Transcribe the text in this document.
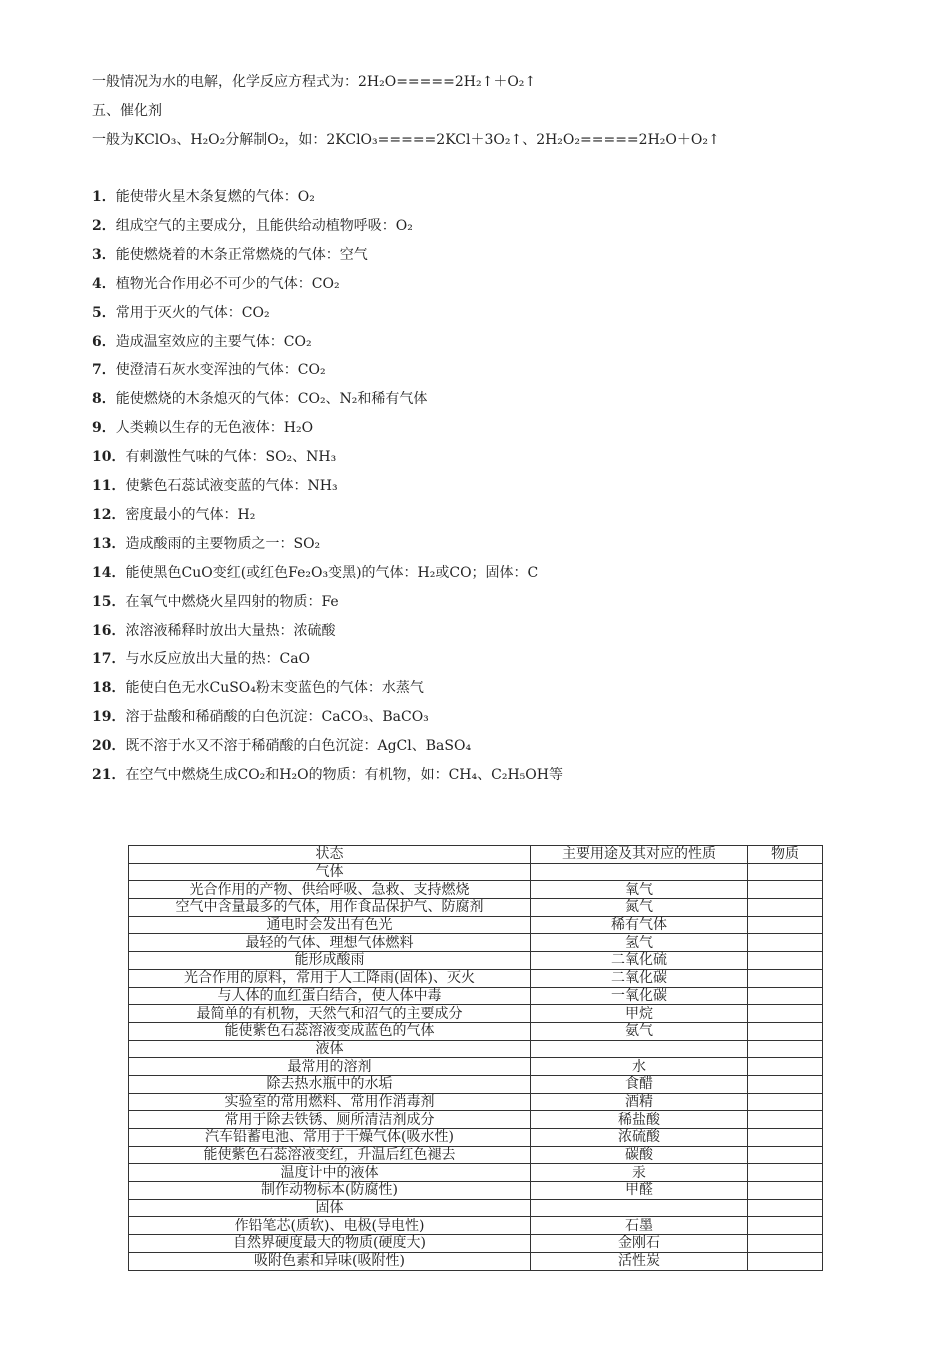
一般情况为水的电解，化学反应方程式为：2H₂O=====2H₂↑＋O₂↑
五、催化剂
一般为KClO₃、H₂O₂分解制O₂，如：2KClO₃=====2KCl＋3O₂↑、2H₂O₂=====2H₂O＋O₂↑
1．能使带火星木条复燃的气体：O₂
2．组成空气的主要成分，且能供给动植物呼吸：O₂
3．能使燃烧着的木条正常燃烧的气体：空气
4．植物光合作用必不可少的气体：CO₂
5．常用于灭火的气体：CO₂
6．造成温室效应的主要气体：CO₂
7．使澄清石灰水变浑浊的气体：CO₂
8．能使燃烧的木条熄灭的气体：CO₂、N₂和稀有气体
9．人类赖以生存的无色液体：H₂O
10．有刺激性气味的气体：SO₂、NH₃
11．使紫色石蕊试液变蓝的气体：NH₃
12．密度最小的气体：H₂
13．造成酸雨的主要物质之一：SO₂
14．能使黑色CuO变红(或红色Fe₂O₃变黑)的气体：H₂或CO；固体：C
15．在氧气中燃烧火星四射的物质：Fe
16．浓溶液稀释时放出大量热：浓硫酸
17．与水反应放出大量的热：CaO
18．能使白色无水CuSO₄粉末变蓝色的气体：水蒸气
19．溶于盐酸和稀硝酸的白色沉淀：CaCO₃、BaCO₃
20．既不溶于水又不溶于稀硝酸的白色沉淀：AgCl、BaSO₄
21．在空气中燃烧生成CO₂和H₂O的物质：有机物，如：CH₄、C₂H₅OH等
状态	主要用途及其对应的性质	物质
气体		
光合作用的产物、供给呼吸、急救、支持燃烧	氧气	
空气中含量最多的气体，用作食品保护气、防腐剂	氮气	
通电时会发出有色光	稀有气体	
最轻的气体、理想气体燃料	氢气	
能形成酸雨	二氧化硫	
光合作用的原料，常用于人工降雨(固体)、灭火	二氧化碳	
与人体的血红蛋白结合，使人体中毒	一氧化碳	
最简单的有机物，天然气和沼气的主要成分	甲烷	
能使紫色石蕊溶液变成蓝色的气体	氨气	
液体		
最常用的溶剂	水	
除去热水瓶中的水垢	食醋	
实验室的常用燃料、常用作消毒剂	酒精	
常用于除去铁锈、厕所清洁剂成分	稀盐酸	
汽车铅蓄电池、常用于干燥气体(吸水性)	浓硫酸	
能使紫色石蕊溶液变红，升温后红色褪去	碳酸	
温度计中的液体	汞	
制作动物标本(防腐性)	甲醛	
固体		
作铅笔芯(质软)、电极(导电性)	石墨	
自然界硬度最大的物质(硬度大)	金刚石	
吸附色素和异味(吸附性)	活性炭	
